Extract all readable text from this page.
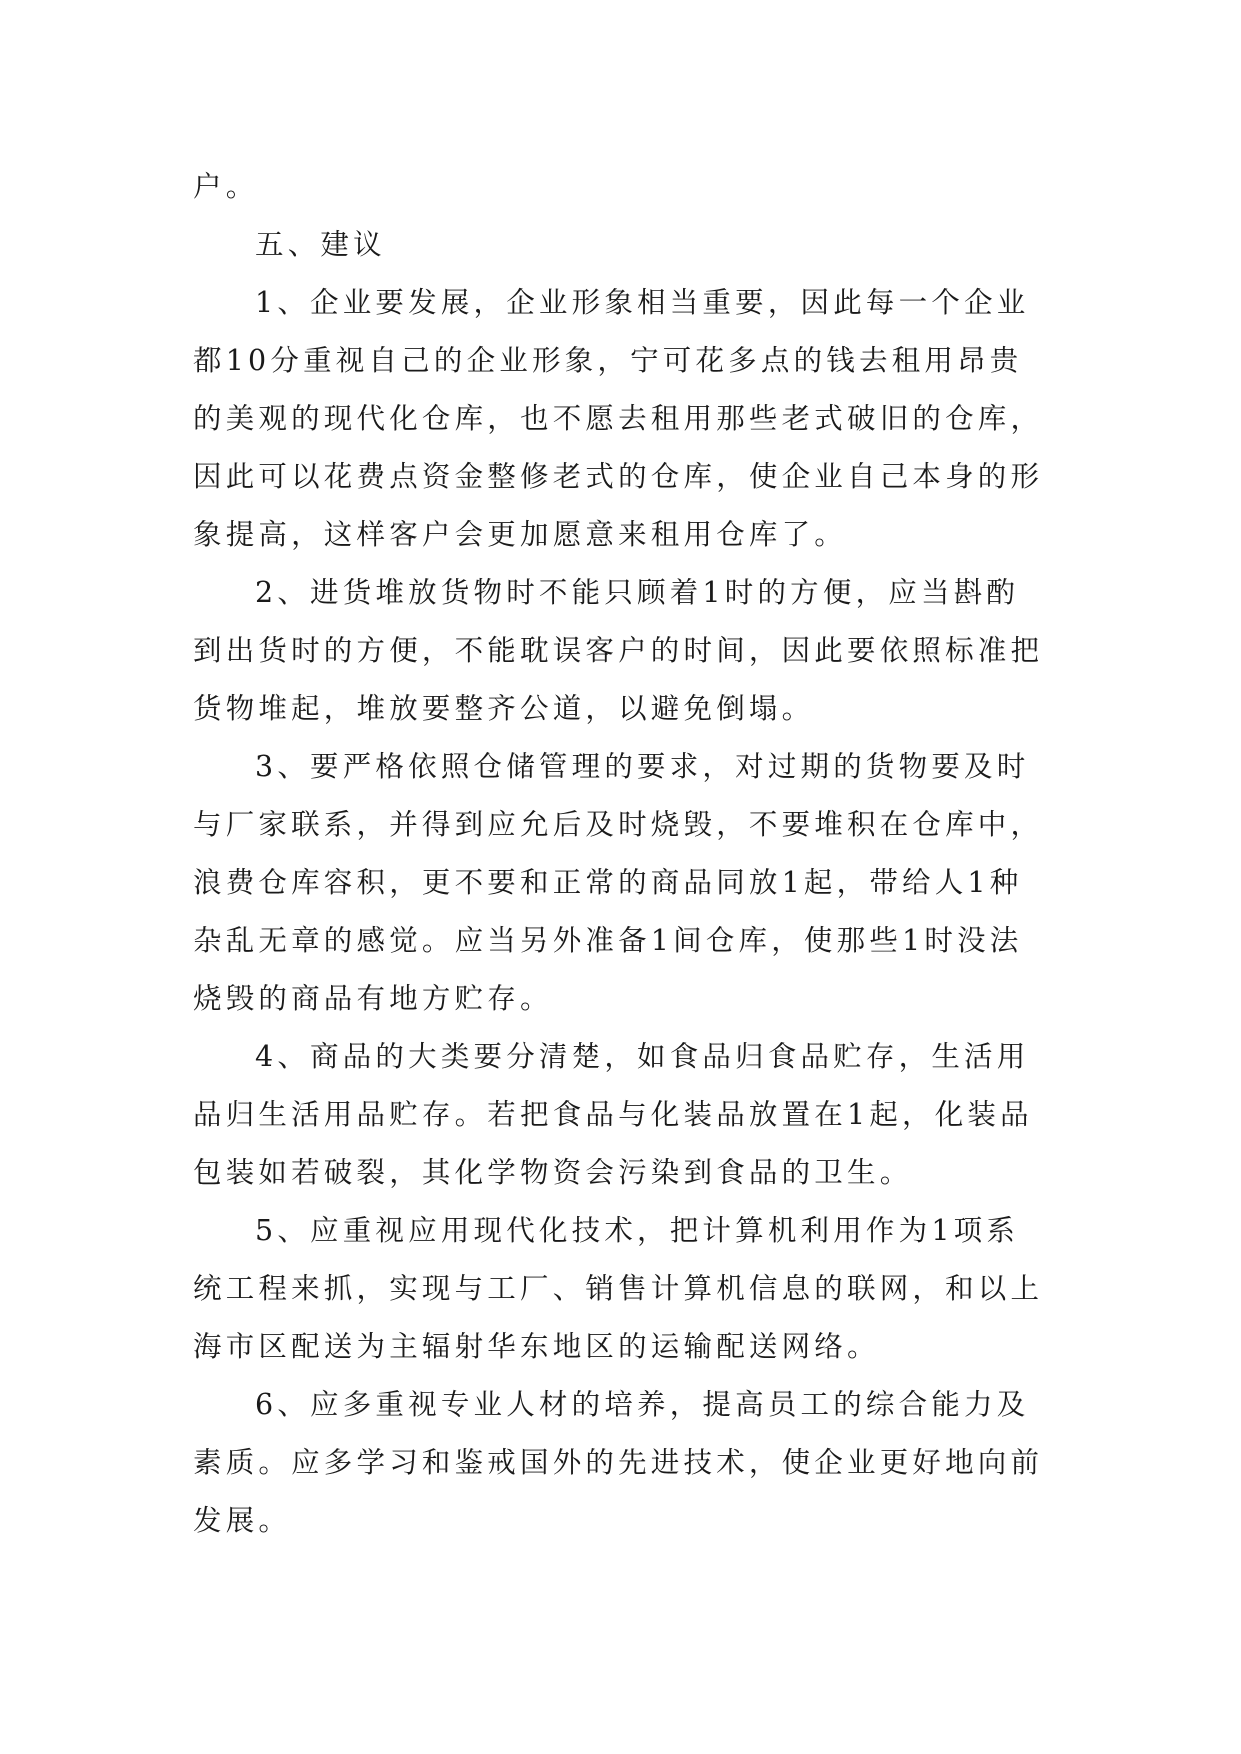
户。
五、建议
1、企业要发展，企业形象相当重要，因此每一个企业
都10分重视自己的企业形象，宁可花多点的钱去租用昂贵
的美观的现代化仓库，也不愿去租用那些老式破旧的仓库，
因此可以花费点资金整修老式的仓库，使企业自己本身的形
象提高，这样客户会更加愿意来租用仓库了。
2、进货堆放货物时不能只顾着1时的方便，应当斟酌
到出货时的方便，不能耽误客户的时间，因此要依照标准把
货物堆起，堆放要整齐公道，以避免倒塌。
3、要严格依照仓储管理的要求，对过期的货物要及时
与厂家联系，并得到应允后及时烧毁，不要堆积在仓库中，
浪费仓库容积，更不要和正常的商品同放1起，带给人1种
杂乱无章的感觉。应当另外准备1间仓库，使那些1时没法
烧毁的商品有地方贮存。
4、商品的大类要分清楚，如食品归食品贮存，生活用
品归生活用品贮存。若把食品与化装品放置在1起，化装品
包装如若破裂，其化学物资会污染到食品的卫生。
5、应重视应用现代化技术，把计算机利用作为1项系
统工程来抓，实现与工厂、销售计算机信息的联网，和以上
海市区配送为主辐射华东地区的运输配送网络。
6、应多重视专业人材的培养，提高员工的综合能力及
素质。应多学习和鉴戒国外的先进技术，使企业更好地向前
发展。
